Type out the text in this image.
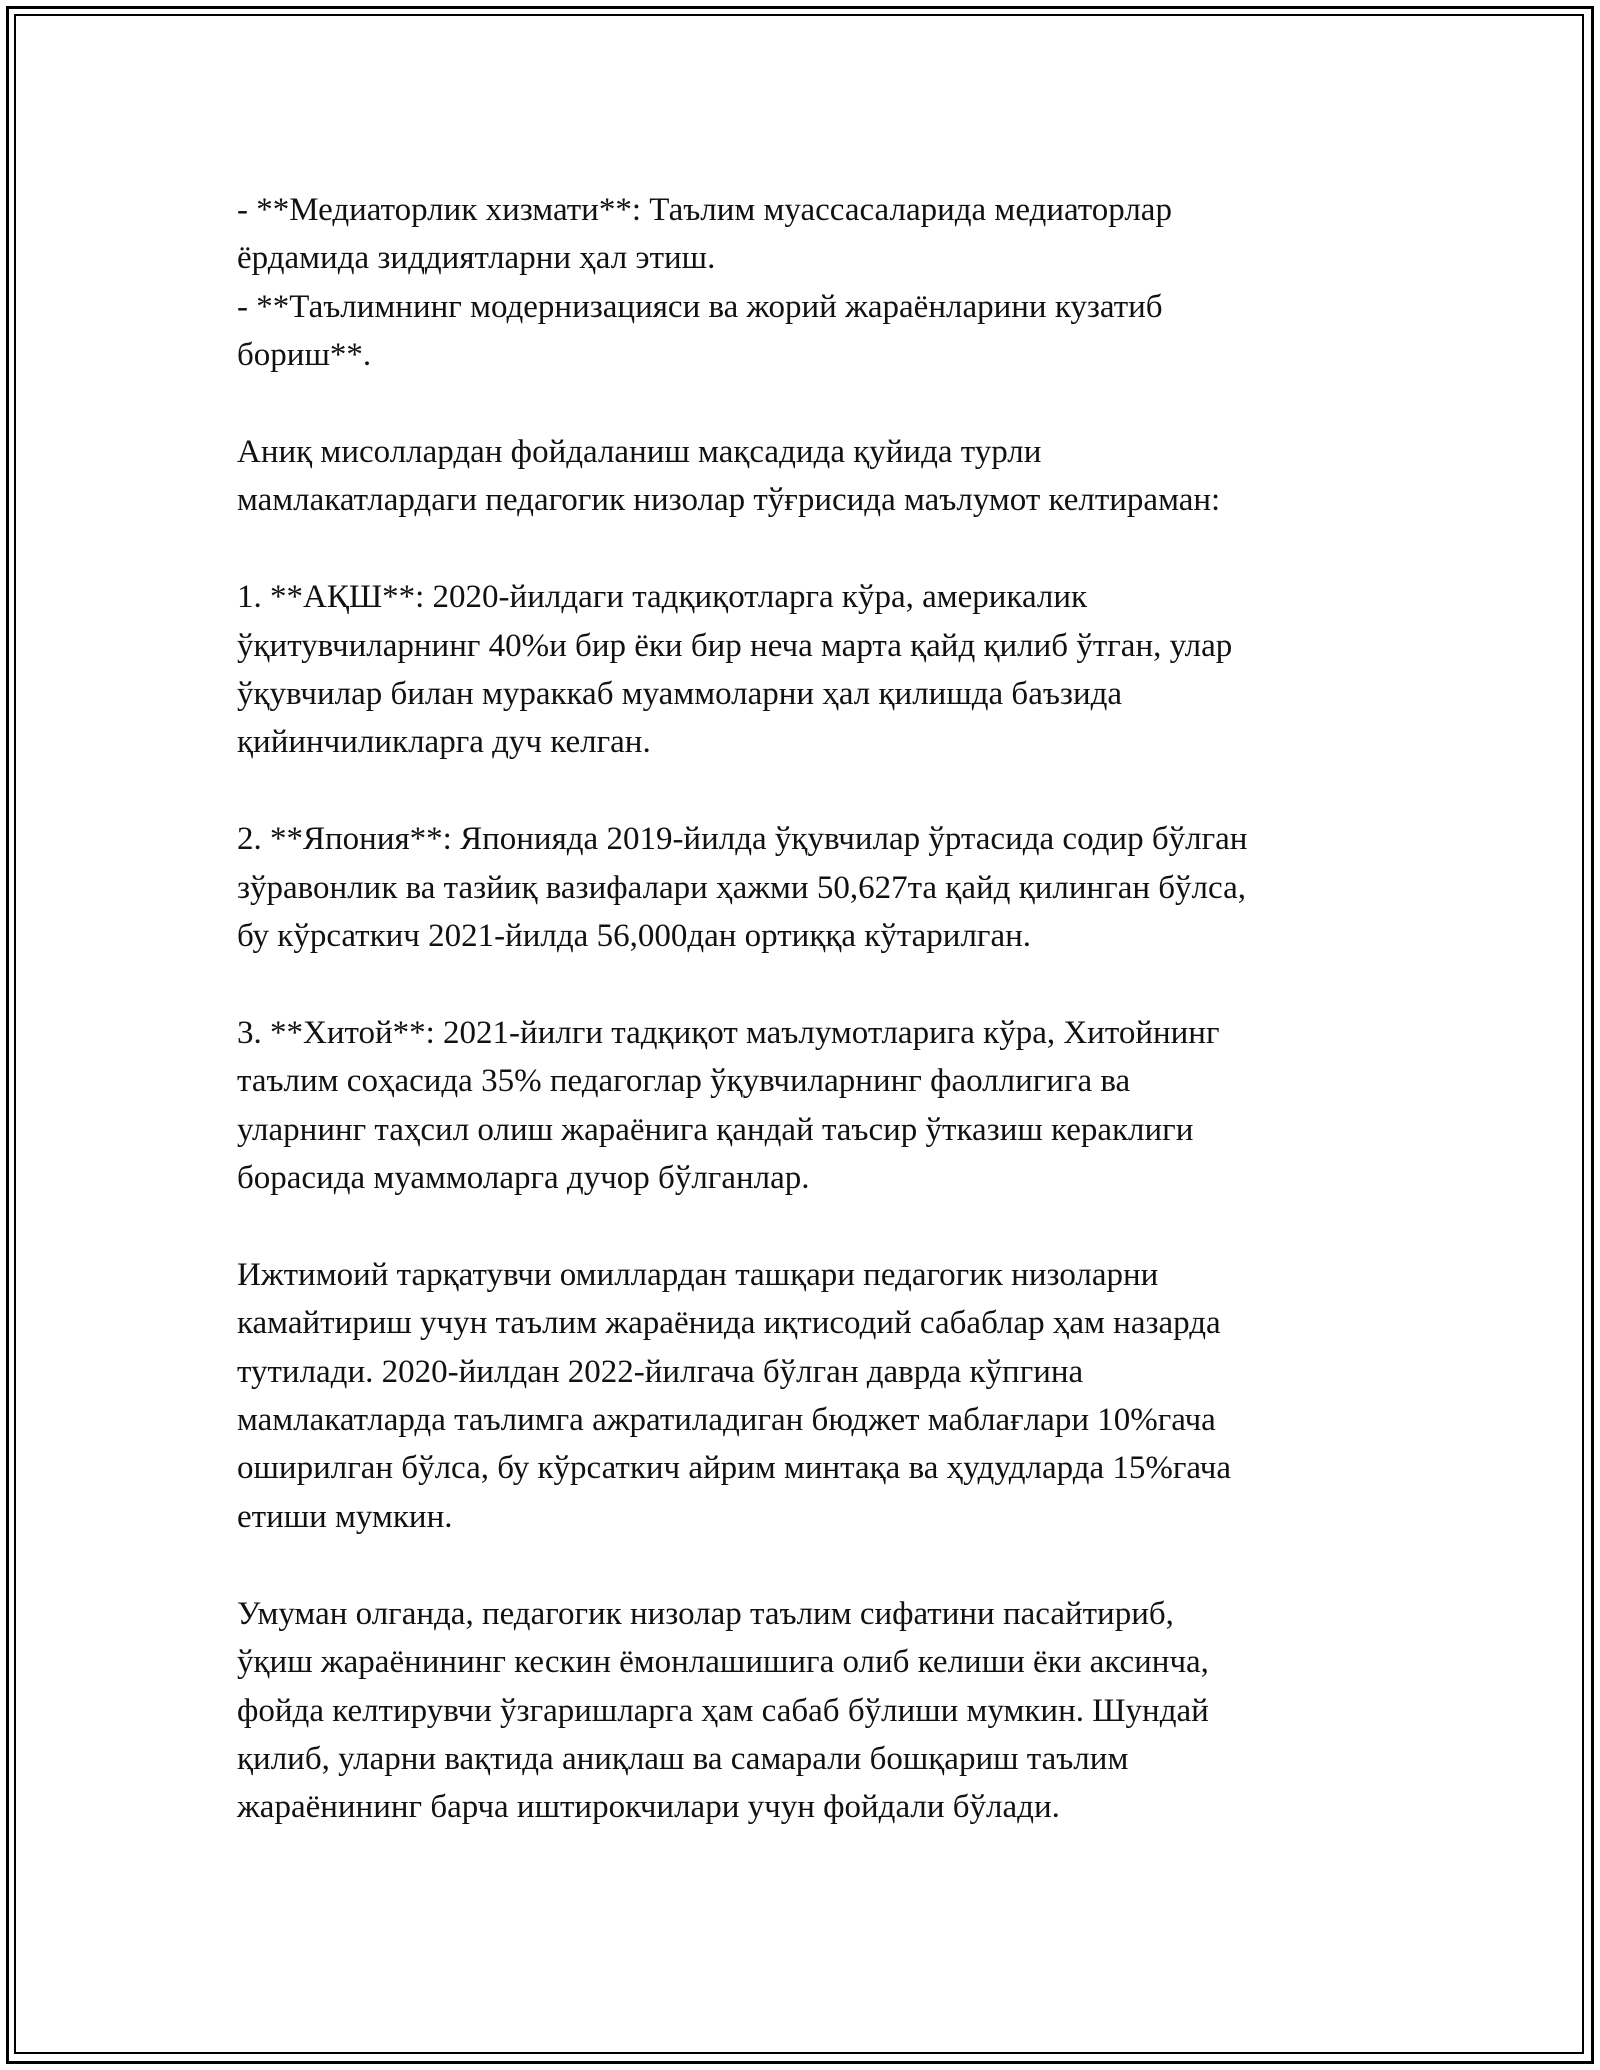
- **Медиаторлик хизмати**: Таълим муассасаларида медиаторлар
ёрдамида зиддиятларни ҳал этиш.
- **Таълимнинг модернизацияси ва жорий жараёнларини кузатиб
бориш**.
Аниқ мисоллардан фойдаланиш мақсадида қуйида турли
мамлакатлардаги педагогик низолар тўғрисида маълумот келтираман:
1. **АҚШ**: 2020-йилдаги тадқиқотларга кўра, америкалик
ўқитувчиларнинг 40%и бир ёки бир неча марта қайд қилиб ўтган, улар
ўқувчилар билан мураккаб муаммоларни ҳал қилишда баъзида
қийинчиликларга дуч келган.
2. **Япония**: Японияда 2019-йилда ўқувчилар ўртасида содир бўлган
зўравонлик ва тазйиқ вазифалари ҳажми 50,627та қайд қилинган бўлса,
бу кўрсаткич 2021-йилда 56,000дан ортиққа кўтарилган.
3. **Хитой**: 2021-йилги тадқиқот маълумотларига кўра, Хитойнинг
таълим соҳасида 35% педагоглар ўқувчиларнинг фаоллигига ва
уларнинг таҳсил олиш жараёнига қандай таъсир ўтказиш кераклиги
борасида муаммоларга дучор бўлганлар.
Ижтимоий тарқатувчи омиллардан ташқари педагогик низоларни
камайтириш учун таълим жараёнида иқтисодий сабаблар ҳам назарда
тутилади. 2020-йилдан 2022-йилгача бўлган даврда кўпгина
мамлакатларда таълимга ажратиладиган бюджет маблағлари 10%гача
оширилган бўлса, бу кўрсаткич айрим минтақа ва ҳудудларда 15%гача
етиши мумкин.
Умуман олганда, педагогик низолар таълим сифатини пасайтириб,
ўқиш жараёнининг кескин ёмонлашишига олиб келиши ёки аксинча,
фойда келтирувчи ўзгаришларга ҳам сабаб бўлиши мумкин. Шундай
қилиб, уларни вақтида аниқлаш ва самарали бошқариш таълим
жараёнининг барча иштирокчилари учун фойдали бўлади.
